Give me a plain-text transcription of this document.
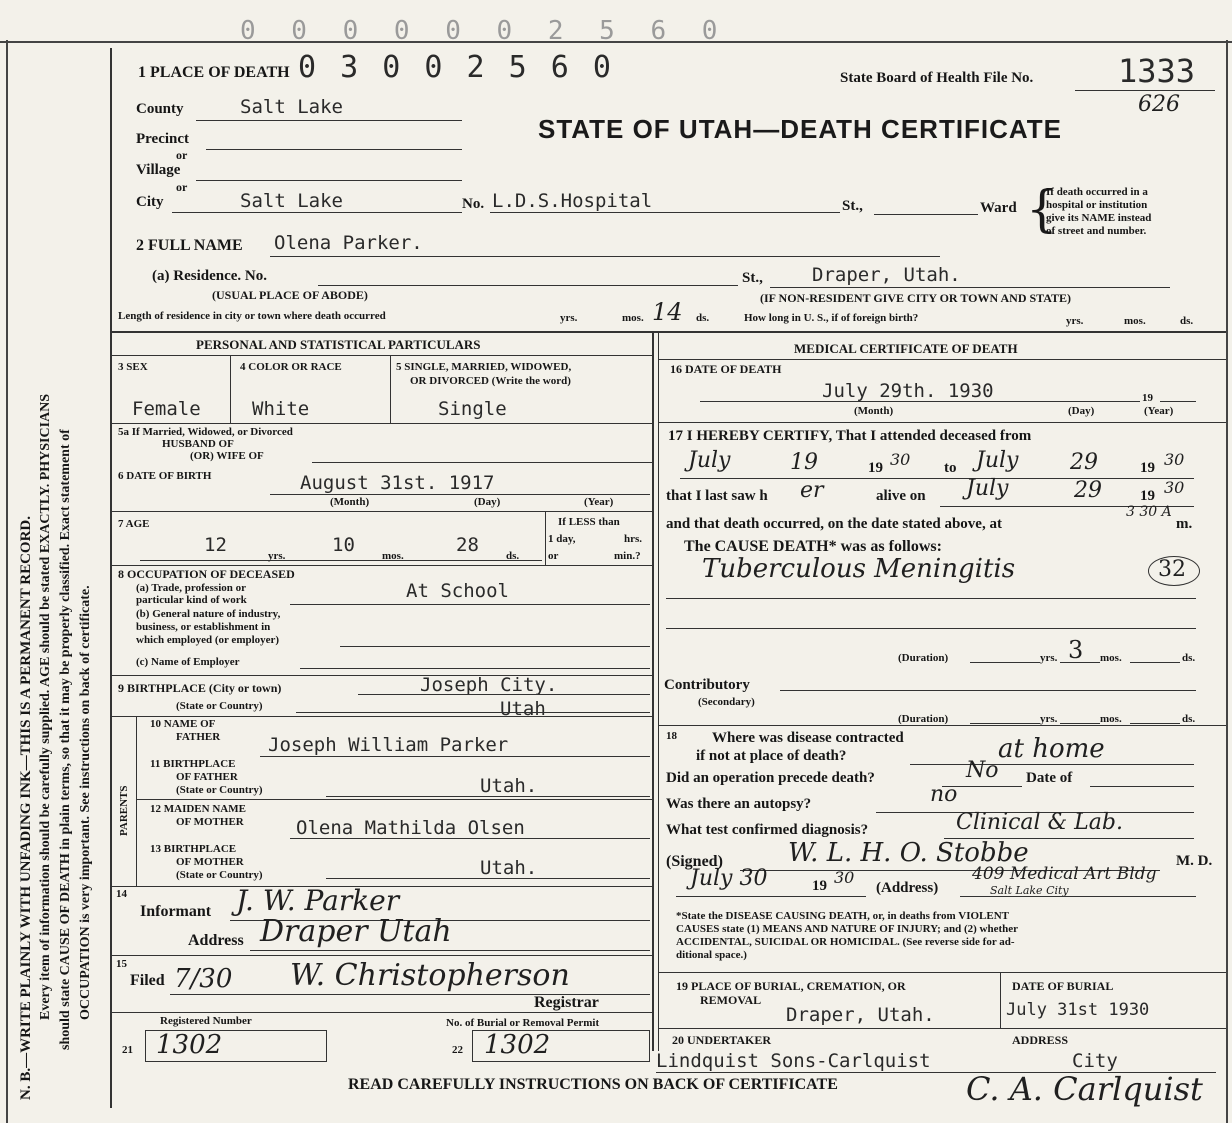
0 0 0 0 0 0 2 5 6 0
N. B.—WRITE PLAINLY WITH UNFADING INK—THIS IS A PERMANENT RECORD. Every item of information should be carefully supplied. AGE should be stated EXACTLY. PHYSICIANS should state CAUSE OF DEATH in plain terms, so that it may be properly classified. Exact statement of OCCUPATION is very important. See instructions on back of certificate.
1 PLACE OF DEATH 0 3 0 0 2 5 6 0	State Board of Health File No.	1333
626
STATE OF UTAH—DEATH CERTIFICATE
County	Salt Lake
Precinct
or
Village
or
City	Salt Lake	No. L.D.S.Hospital	St.,	Ward {
If death occurred in a
hospital or institution
give its NAME instead
of street and number.
2 FULL NAME Olena Parker.
(a) Residence. No.	St.,	Draper, Utah.
(USUAL PLACE OF ABODE)	(IF NON-RESIDENT GIVE CITY OR TOWN AND STATE)
Length of residence in city or town where death occurred	yrs.	mos. 14 ds.	How long in U. S., if of foreign birth?	yrs.	mos.	ds.
PERSONAL AND STATISTICAL PARTICULARS
3 SEX	4 COLOR OR RACE	5 SINGLE, MARRIED, WIDOWED,
OR DIVORCED (Write the word)
Female	White	Single
5a If Married, Widowed, or Divorced
HUSBAND OF
(OR) WIFE OF
6 DATE OF BIRTH	August 31st. 1917
(Month)	(Day)	(Year)
7 AGE
12	yrs. 10 mos.	28 ds.
If LESS than
1 day,	hrs.
or	min.?
8 OCCUPATION OF DECEASED
(a) Trade, profession or
particular kind of work	At School
(b) General nature of industry,
business, or establishment in
which employed (or employer)
(c) Name of Employer
9 BIRTHPLACE (City or town)	Joseph City.
(State or Country)	Utah
PARENTS
10 NAME OF
FATHER	Joseph William Parker
11 BIRTHPLACE
OF FATHER
(State or Country)	Utah.
12 MAIDEN NAME
OF MOTHER	Olena Mathilda Olsen
13 BIRTHPLACE
OF MOTHER
(State or Country)	Utah.
14
Informant J. W. Parker
Address Draper Utah
15
Filed 7/30 W. Christopherson
Registrar
Registered Number	No. of Burial or Removal Permit
21 1302	22 1302
MEDICAL CERTIFICATE OF DEATH
16 DATE OF DEATH
July 29th. 1930	19
(Month)	(Day)	(Year)
17 I HEREBY CERTIFY, That I attended deceased from
July	19	19 30 to July 29	19 30
that I last saw h er	alive on July	29	19 30
and that death occurred, on the date stated above, at
3 30 A
m.
The CAUSE DEATH* was as follows:
Tuberculous Meningitis	32
(Duration)	yrs. 3 mos.	ds.
Contributory
(Secondary)
(Duration)	yrs.	mos.	ds.
18 Where was disease contracted
if not at place of death?	at home
Did an operation precede death?	No Date of
Was there an autopsy?	no
What test confirmed diagnosis?	Clinical & Lab.
(Signed)	W. L. H. O. Stobbe	M. D.
July 30	19 30
(Address)
409 Medical Art Bldg
Salt Lake City
*State the DISEASE CAUSING DEATH, or, in deaths from VIOLENT
CAUSES state (1) MEANS AND NATURE OF INJURY; and (2) whether
ACCIDENTAL, SUICIDAL OR HOMICIDAL. (See reverse side for ad-
ditional space.)
19 PLACE OF BURIAL, CREMATION, OR
REMOVAL
Draper, Utah.
DATE OF BURIAL
July 31st 1930
20 UNDERTAKER	ADDRESS
Lindquist Sons-Carlquist	City
READ CAREFULLY INSTRUCTIONS ON BACK OF CERTIFICATE	C. A. Carlquist
